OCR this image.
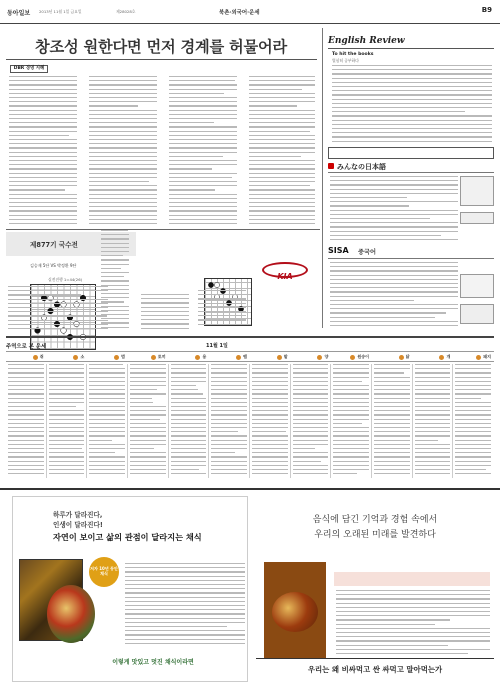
동아일보 2013년 11월 1일 금요일	제28028호	북촌·외국어·운세	B9
창조성 원한다면 먼저 경계를 허물어라
DBR 경영 지혜
English Review
To hit the books
열심히 공부하다
みんなの日本語
SISA 중국어
제877기 국수전
김승재 5단 VS 박정환 9단
실전진행 1=44(26)	KIA
주역으로 본 운세	11월 1일
쥐	소	범	토끼	용	뱀	말	양	원숭이	닭	개	돼지
하루가 달라진다,
인생이 달라진다!
자연이 보이고 삶의 관점이 달라지는 채식
저자 10년 동안 채식
이렇게 맛있고 멋진 채식이라면
음식에 담긴 기억과 경험 속에서
우리의 오래된 미래를 발견하다
우리는 왜 비싸먹고 싼 싸먹고 말아먹는가
